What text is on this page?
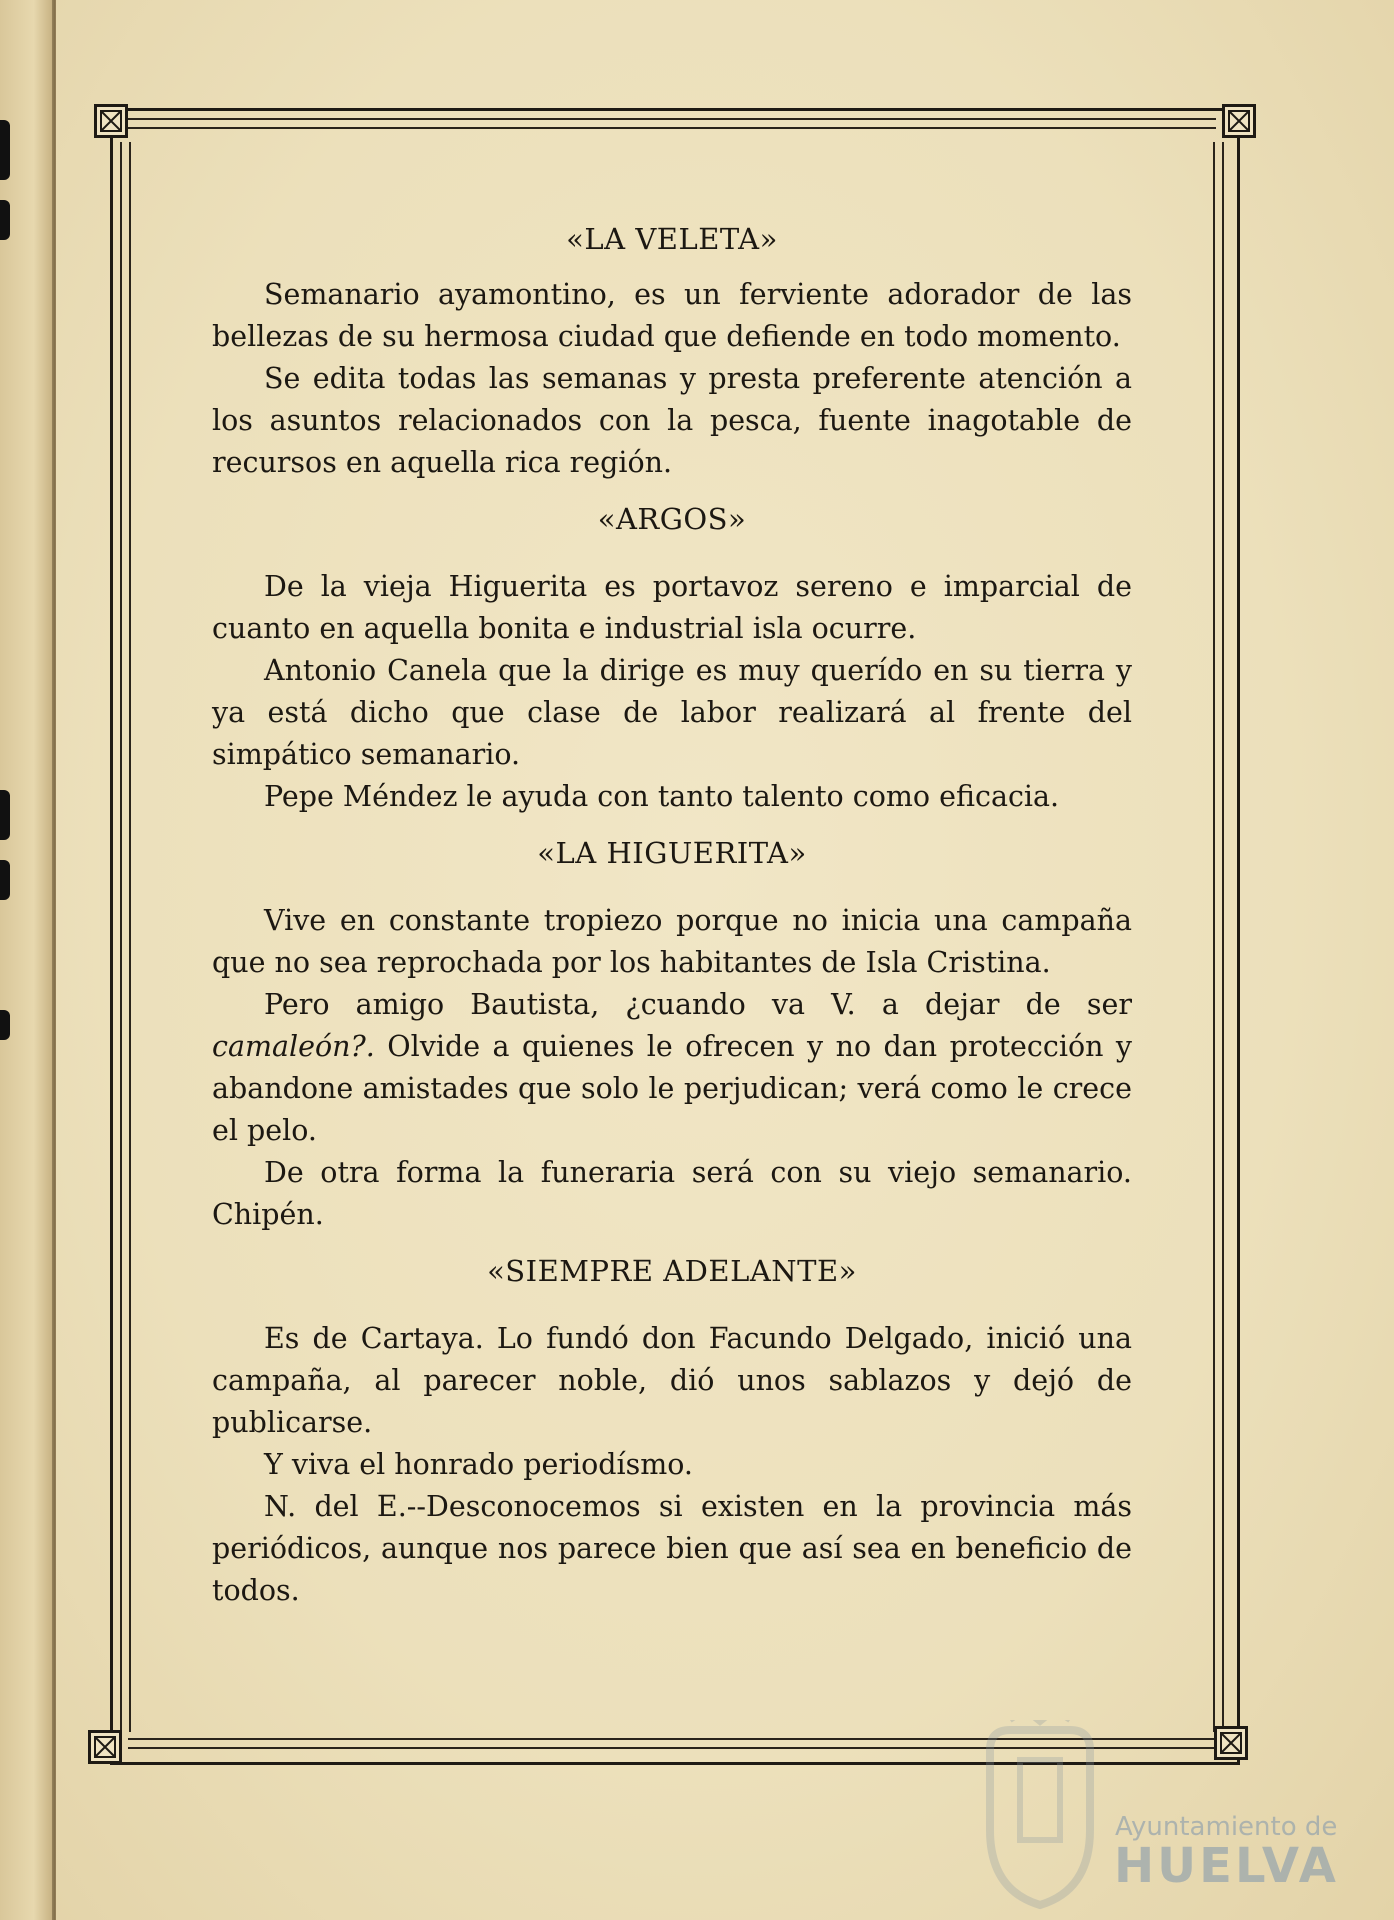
«LA VELETA»

Semanario ayamontino, es un ferviente adorador de las bellezas de su hermosa ciudad que defiende en todo momento.

Se edita todas las semanas y presta preferente atención a los asuntos relacionados con la pesca, fuente inagotable de recursos en aquella rica región.

«ARGOS»

De la vieja Higuerita es portavoz sereno e imparcial de cuanto en aquella bonita e industrial isla ocurre.

Antonio Canela que la dirige es muy querído en su tierra y ya está dicho que clase de labor realizará al frente del simpático semanario.

Pepe Méndez le ayuda con tanto talento como eficacia.

«LA HIGUERITA»

Vive en constante tropiezo porque no inicia una campaña que no sea reprochada por los habitantes de Isla Cristina.

Pero amigo Bautista, ¿cuando va V. a dejar de ser camaleón?. Olvide a quienes le ofrecen y no dan protección y abandone amistades que solo le perjudican; verá como le crece el pelo.

De otra forma la funeraria será con su viejo semanario. Chipén.

«SIEMPRE ADELANTE»

Es de Cartaya. Lo fundó don Facundo Delgado, inició una campaña, al parecer noble, dió unos sablazos y dejó de publicarse.

Y viva el honrado periodísmo.

N. del E.--Desconocemos si existen en la provincia más periódicos, aunque nos parece bien que así sea en beneficio de todos.

Ayuntamiento de
HUELVA
